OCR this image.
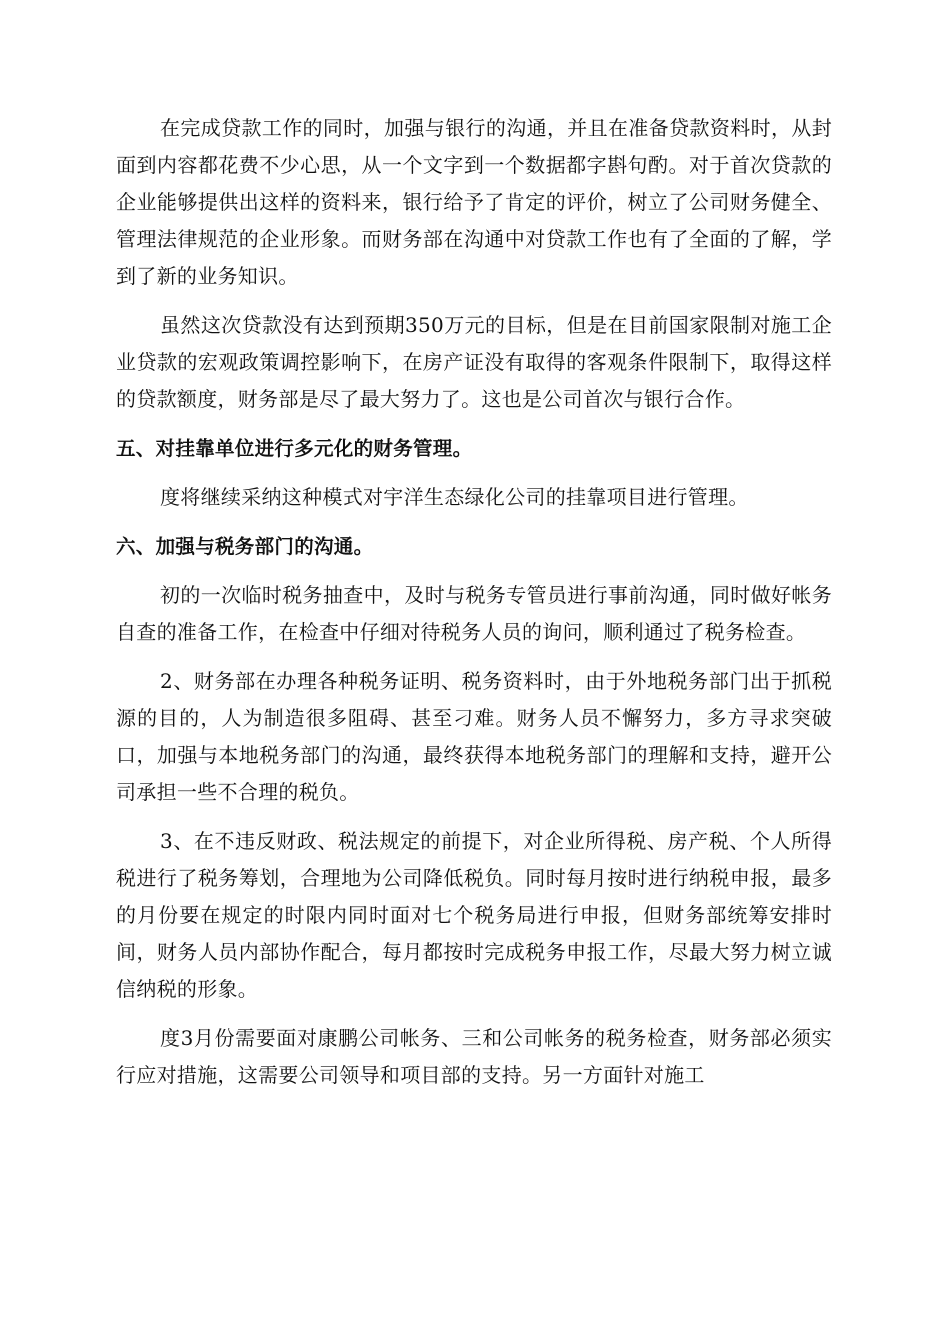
在完成贷款工作的同时，加强与银行的沟通，并且在准备贷款资料时，从封面到内容都花费不少心思，从一个文字到一个数据都字斟句酌。对于首次贷款的企业能够提供出这样的资料来，银行给予了肯定的评价，树立了公司财务健全、管理法律规范的企业形象。而财务部在沟通中对贷款工作也有了全面的了解，学到了新的业务知识。

虽然这次贷款没有达到预期350万元的目标，但是在目前国家限制对施工企业贷款的宏观政策调控影响下，在房产证没有取得的客观条件限制下，取得这样的贷款额度，财务部是尽了最大努力了。这也是公司首次与银行合作。

五、对挂靠单位进行多元化的财务管理。

度将继续采纳这种模式对宇洋生态绿化公司的挂靠项目进行管理。

六、加强与税务部门的沟通。

初的一次临时税务抽查中，及时与税务专管员进行事前沟通，同时做好帐务自查的准备工作，在检查中仔细对待税务人员的询问，顺利通过了税务检查。

2、财务部在办理各种税务证明、税务资料时，由于外地税务部门出于抓税源的目的，人为制造很多阻碍、甚至刁难。财务人员不懈努力，多方寻求突破口，加强与本地税务部门的沟通，最终获得本地税务部门的理解和支持，避开公司承担一些不合理的税负。

3、在不违反财政、税法规定的前提下，对企业所得税、房产税、个人所得税进行了税务筹划，合理地为公司降低税负。同时每月按时进行纳税申报，最多的月份要在规定的时限内同时面对七个税务局进行申报，但财务部统筹安排时间，财务人员内部协作配合，每月都按时完成税务申报工作，尽最大努力树立诚信纳税的形象。

度3月份需要面对康鹏公司帐务、三和公司帐务的税务检查，财务部必须实行应对措施，这需要公司领导和项目部的支持。另一方面针对施工
